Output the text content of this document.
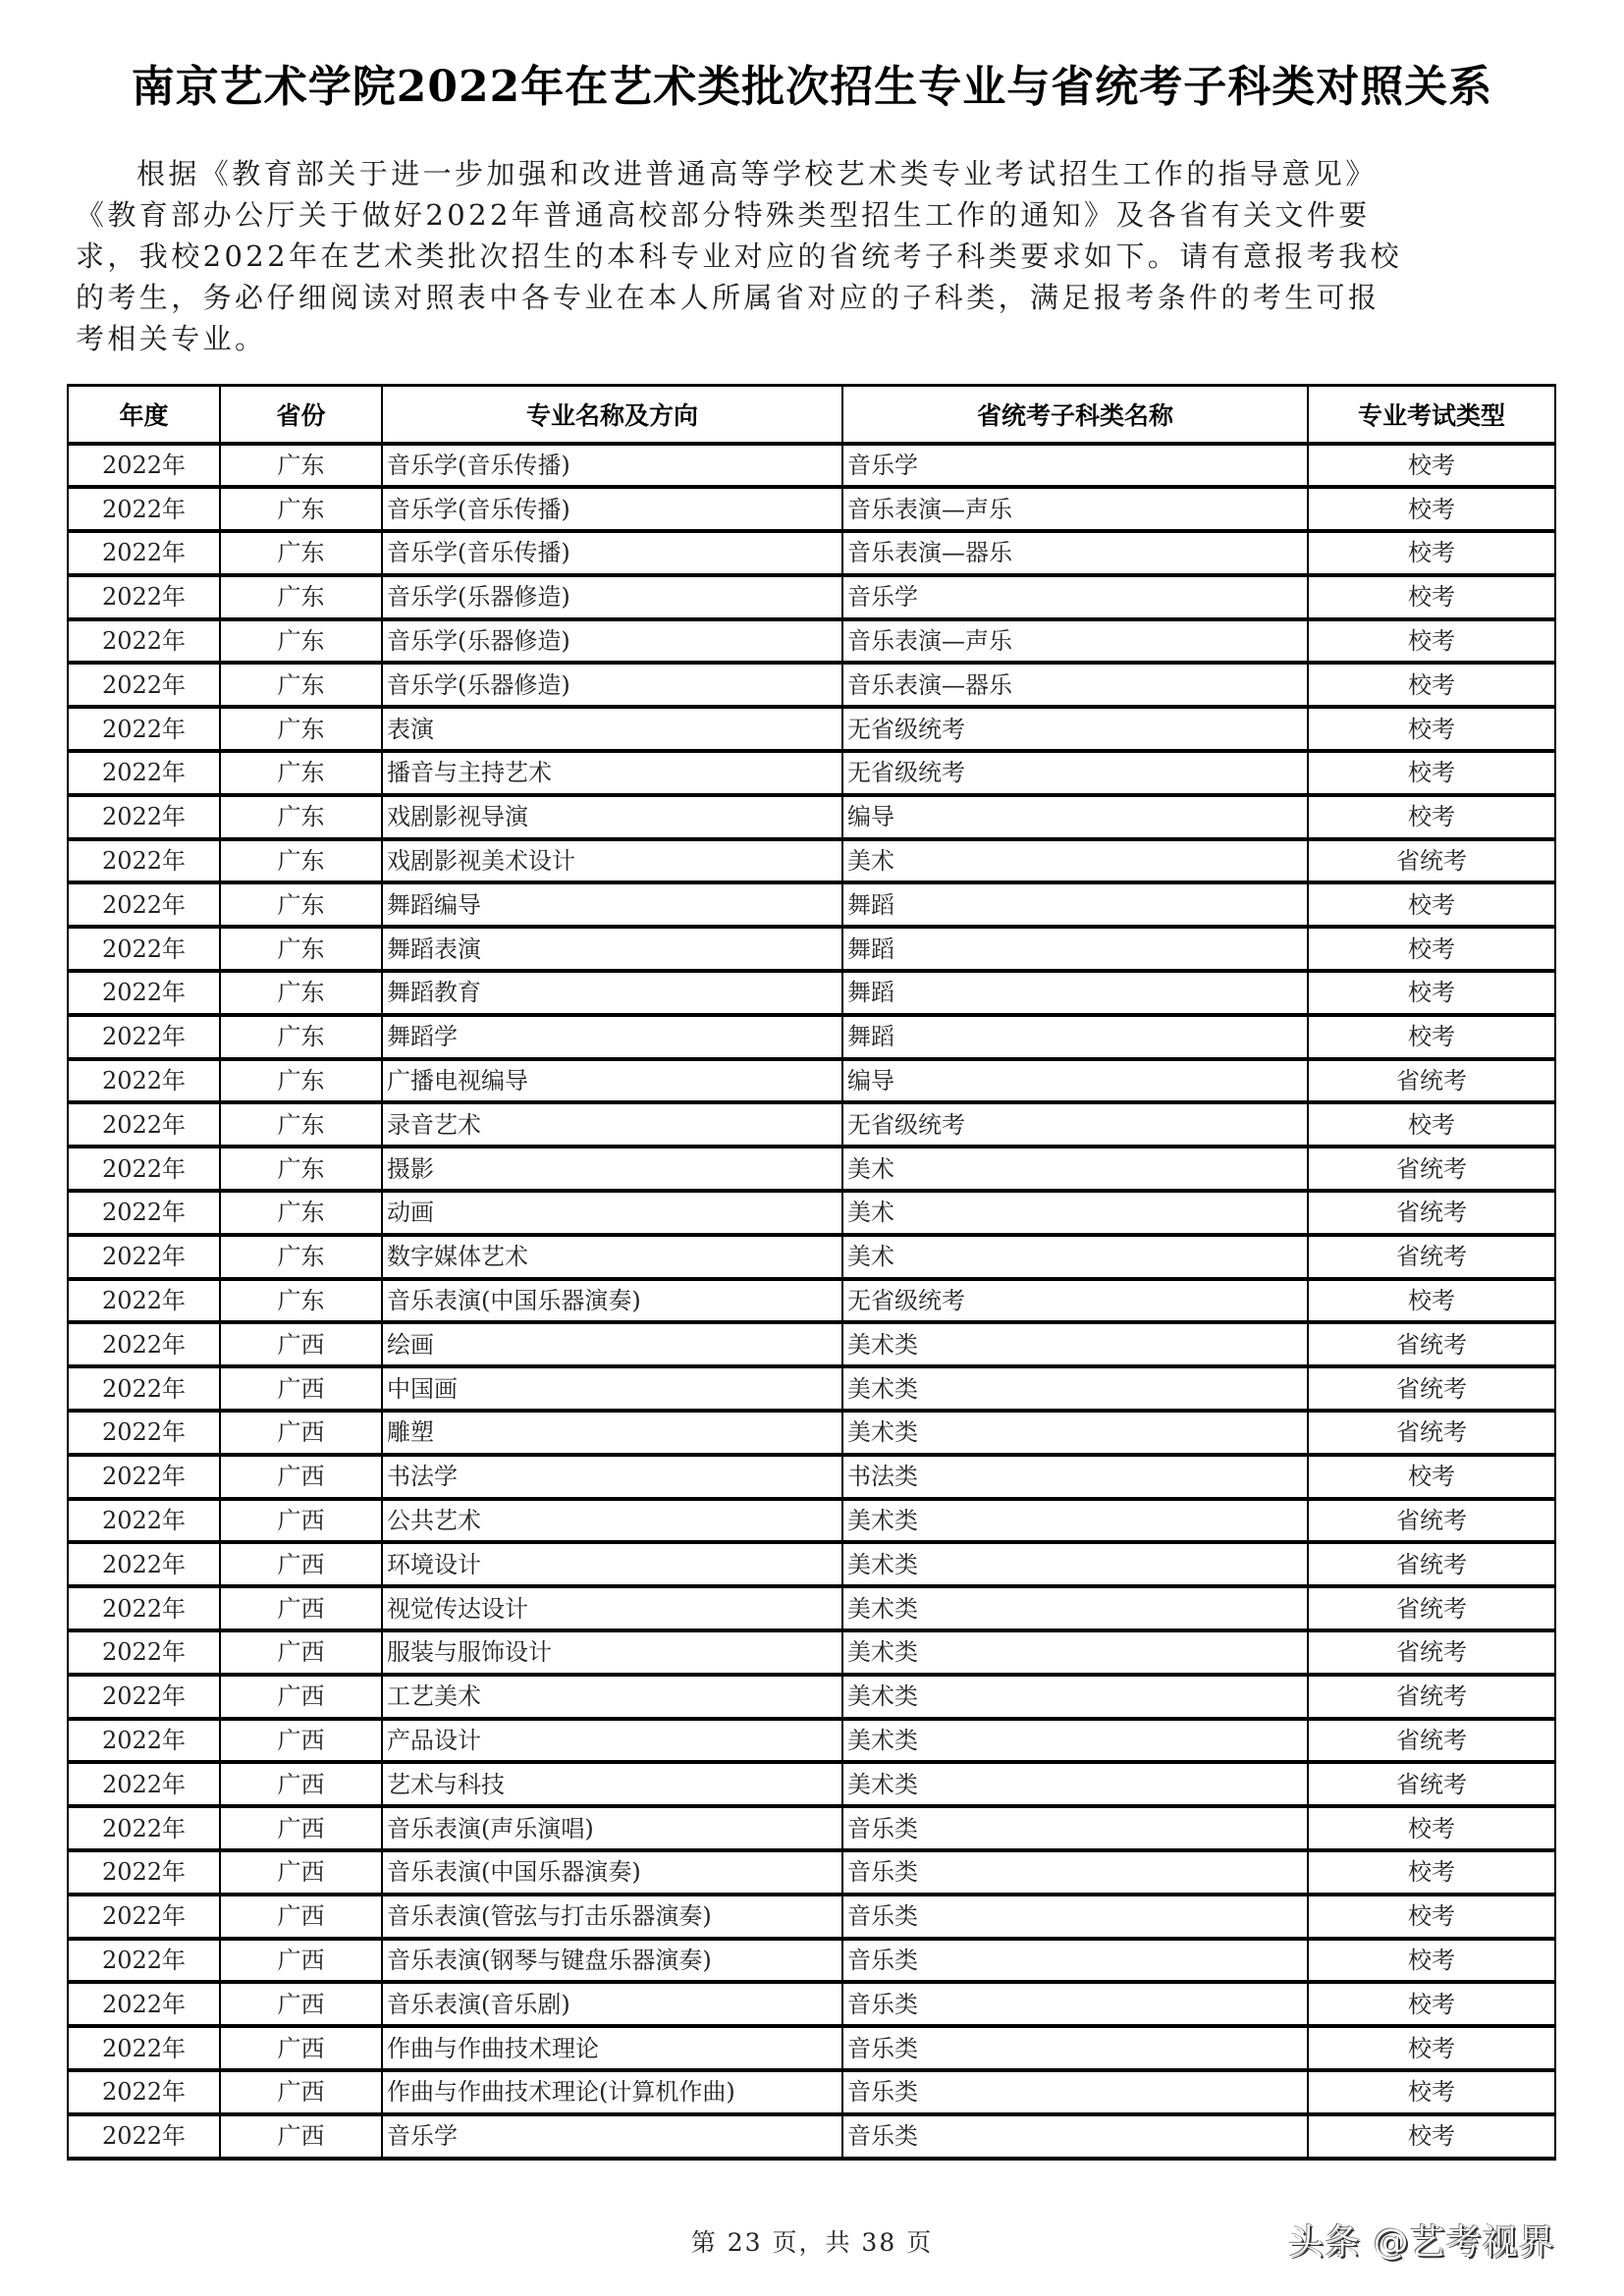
南京艺术学院2022年在艺术类批次招生专业与省统考子科类对照关系
根据《教育部关于进一步加强和改进普通高等学校艺术类专业考试招生工作的指导意见》
《教育部办公厅关于做好2022年普通高校部分特殊类型招生工作的通知》及各省有关文件要
求，我校2022年在艺术类批次招生的本科专业对应的省统考子科类要求如下。请有意报考我校
的考生，务必仔细阅读对照表中各专业在本人所属省对应的子科类，满足报考条件的考生可报
考相关专业。
年度	省份	专业名称及方向	省统考子科类名称	专业考试类型
2022年	广东	音乐学(音乐传播)	音乐学	校考
2022年	广东	音乐学(音乐传播)	音乐表演—声乐	校考
2022年	广东	音乐学(音乐传播)	音乐表演—器乐	校考
2022年	广东	音乐学(乐器修造)	音乐学	校考
2022年	广东	音乐学(乐器修造)	音乐表演—声乐	校考
2022年	广东	音乐学(乐器修造)	音乐表演—器乐	校考
2022年	广东	表演	无省级统考	校考
2022年	广东	播音与主持艺术	无省级统考	校考
2022年	广东	戏剧影视导演	编导	校考
2022年	广东	戏剧影视美术设计	美术	省统考
2022年	广东	舞蹈编导	舞蹈	校考
2022年	广东	舞蹈表演	舞蹈	校考
2022年	广东	舞蹈教育	舞蹈	校考
2022年	广东	舞蹈学	舞蹈	校考
2022年	广东	广播电视编导	编导	省统考
2022年	广东	录音艺术	无省级统考	校考
2022年	广东	摄影	美术	省统考
2022年	广东	动画	美术	省统考
2022年	广东	数字媒体艺术	美术	省统考
2022年	广东	音乐表演(中国乐器演奏)	无省级统考	校考
2022年	广西	绘画	美术类	省统考
2022年	广西	中国画	美术类	省统考
2022年	广西	雕塑	美术类	省统考
2022年	广西	书法学	书法类	校考
2022年	广西	公共艺术	美术类	省统考
2022年	广西	环境设计	美术类	省统考
2022年	广西	视觉传达设计	美术类	省统考
2022年	广西	服装与服饰设计	美术类	省统考
2022年	广西	工艺美术	美术类	省统考
2022年	广西	产品设计	美术类	省统考
2022年	广西	艺术与科技	美术类	省统考
2022年	广西	音乐表演(声乐演唱)	音乐类	校考
2022年	广西	音乐表演(中国乐器演奏)	音乐类	校考
2022年	广西	音乐表演(管弦与打击乐器演奏)	音乐类	校考
2022年	广西	音乐表演(钢琴与键盘乐器演奏)	音乐类	校考
2022年	广西	音乐表演(音乐剧)	音乐类	校考
2022年	广西	作曲与作曲技术理论	音乐类	校考
2022年	广西	作曲与作曲技术理论(计算机作曲)	音乐类	校考
2022年	广西	音乐学	音乐类	校考
第 23 页，共 38 页	头条 @艺考视界
